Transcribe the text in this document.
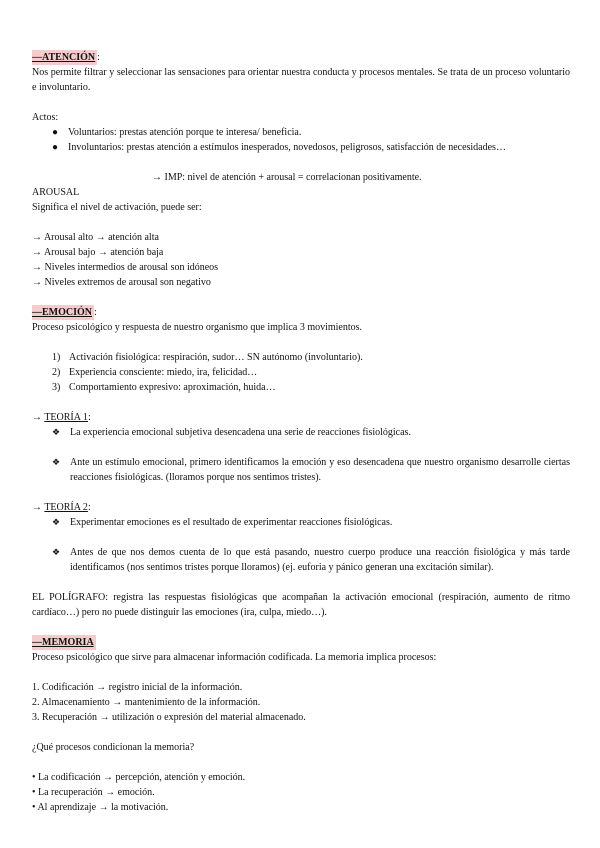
—ATENCIÓN :

Nos permite filtrar y seleccionar las sensaciones para orientar nuestra conducta y procesos mentales. Se trata de un proceso voluntario e involuntario.

Actos:

● Voluntarios: prestas atención porque te interesa/ beneficia.
● Involuntarios: prestas atención a estímulos inesperados, novedosos, peligrosos, satisfacción de necesidades…

→ IMP: nivel de atención + arousal = correlacionan positivamente.

AROUSAL

Significa el nivel de activación, puede ser:

→ Arousal alto → atención alta

→ Arousal bajo → atención baja

→ Niveles intermedios de arousal son idóneos

→ Niveles extremos de arousal son negativo

—EMOCIÓN :

Proceso psicológico y respuesta de nuestro organismo que implica 3 movimientos.

1) Activación fisiológica: respiración, sudor… SN autónomo (involuntario).
2) Experiencia consciente: miedo, ira, felicidad…
3) Comportamiento expresivo: aproximación, huida…

→ TEORÍA 1:

❖ La experiencia emocional subjetiva desencadena una serie de reacciones fisiológicas.
❖ Ante un estímulo emocional, primero identificamos la emoción y eso desencadena que nuestro organismo desarrolle ciertas reacciones fisiológicas. (lloramos porque nos sentimos tristes).

→ TEORÍA 2:

❖ Experimentar emociones es el resultado de experimentar reacciones fisiológicas.
❖ Antes de que nos demos cuenta de lo que está pasando, nuestro cuerpo produce una reacción fisiológica y más tarde identificamos (nos sentimos tristes porque lloramos) (ej. euforia y pánico generan una excitación similar).

EL POLÍGRAFO: registra las respuestas fisiológicas que acompañan la activación emocional (respiración, aumento de ritmo cardíaco…) pero no puede distinguir las emociones (ira, culpa, miedo…).

—MEMORIA

Proceso psicológico que sirve para almacenar información codificada. La memoria implica procesos:

1. Codificación → registro inicial de la información.

2. Almacenamiento → mantenimiento de la información.

3. Recuperación → utilización o expresión del material almacenado.

¿Qué procesos condicionan la memoria?

• La codificación → percepción, atención y emoción.

• La recuperación → emoción.

• Al aprendizaje → la motivación.
